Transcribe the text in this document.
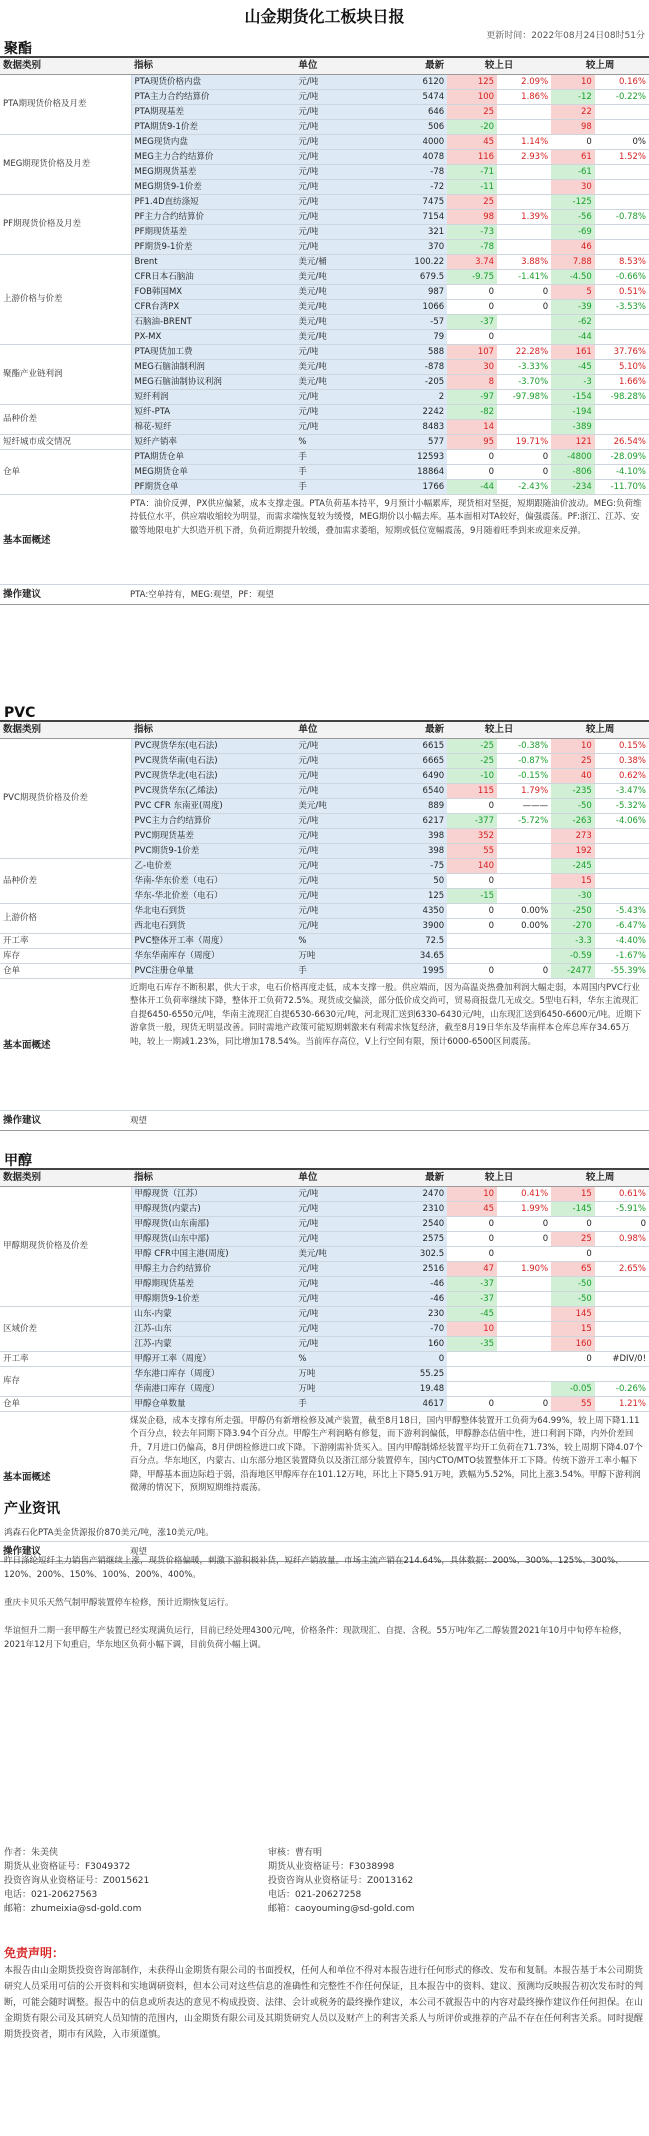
山金期货化工板块日报
更新时间：2022年08月24日08时51分
聚酯
数据类别	指标	单位	最新	较上日		较上周	
PTA期现货价格及月差	PTA现货价格内盘	元/吨	6120	125	2.09%	10	0.16%
	PTA主力合约结算价	元/吨	5474	100	1.86%	-12	-0.22%
	PTA期现基差	元/吨	646	25		22	
	PTA期货9-1价差	元/吨	506	-20		98	
MEG期现货价格及月差	MEG现货内盘	元/吨	4000	45	1.14%	0	0%
	MEG主力合约结算价	元/吨	4078	116	2.93%	61	1.52%
	MEG期现货基差	元/吨	-78	-71		-61	
	MEG期货9-1价差	元/吨	-72	-11		30	
PF期现货价格及月差	PF1.4D直纺涤短	元/吨	7475	25		-125	
	PF主力合约结算价	元/吨	7154	98	1.39%	-56	-0.78%
	PF期现货基差	元/吨	321	-73		-69	
	PF期货9-1价差	元/吨	370	-78		46	
上游价格与价差	Brent	美元/桶	100.22	3.74	3.88%	7.88	8.53%
	CFR日本石脑油	美元/吨	679.5	-9.75	-1.41%	-4.50	-0.66%
	FOB韩国MX	美元/吨	987	0	0	5	0.51%
	CFR台湾PX	美元/吨	1066	0	0	-39	-3.53%
	石脑油-BRENT	美元/吨	-57	-37		-62	
	PX-MX	美元/吨	79	0		-44	
聚酯产业链利润	PTA现货加工费	元/吨	588	107	22.28%	161	37.76%
	MEG石脑油制利润	美元/吨	-878	30	-3.33%	-45	5.10%
	MEG石脑油制协议利润	美元/吨	-205	8	-3.70%	-3	1.66%
	短纤利润	元/吨	2	-97	-97.98%	-154	-98.28%
品种价差	短纤-PTA	元/吨	2242	-82		-194	
	棉花-短纤	元/吨	8483	14		-389	
短纤城市成交情况	短纤产销率	%	577	95	19.71%	121	26.54%
仓单	PTA期货仓单	手	12593	0	0	-4800	-28.09%
	MEG期货仓单	手	18864	0	0	-806	-4.10%
	PF期货仓单	手	1766	-44	-2.43%	-234	-11.70%
基本面概述
PTA：油价反弹，PX供应偏紧，成本支撑走强。PTA负荷基本持平，9月预计小幅累库，现货相对坚挺，短期跟随油价波动。MEG:负荷维持低位水平，供应端收缩较为明显，而需求端恢复较为缓慢，MEG期价以小幅去库。基本面相对TA较好，偏强震荡。PF:浙江、江苏、安徽等地限电扩大织造开机下滑，负荷近期提升较缓，叠加需求萎缩，短期或低位宽幅震荡，9月随着旺季到来或迎来反弹。
操作建议	PTA:空单持有，MEG:观望，PF：观望
PVC
数据类别	指标	单位	最新	较上日		较上周	
PVC期现货价格及价差	PVC现货华东(电石法)	元/吨	6615	-25	-0.38%	10	0.15%
	PVC现货华南(电石法)	元/吨	6665	-25	-0.87%	25	0.38%
	PVC现货华北(电石法)	元/吨	6490	-10	-0.15%	40	0.62%
	PVC现货华东(乙烯法)	元/吨	6540	115	1.79%	-235	-3.47%
	PVC CFR 东南亚(周度)	美元/吨	889	0	———	-50	-5.32%
	PVC主力合约结算价	元/吨	6217	-377	-5.72%	-263	-4.06%
	PVC期现货基差	元/吨	398	352		273	
	PVC期货9-1价差	元/吨	398	55		192	
品种价差	乙-电价差	元/吨	-75	140		-245	
	华南-华东价差（电石）	元/吨	50	0		15	
	华东-华北价差（电石）	元/吨	125	-15		-30	
上游价格	华北电石到货	元/吨	4350	0	0.00%	-250	-5.43%
	西北电石到货	元/吨	3900	0	0.00%	-270	-6.47%
开工率	PVC整体开工率（周度）	%	72.5			-3.3	-4.40%
库存	华东华南库存（周度）	万吨	34.65			-0.59	-1.67%
仓单	PVC注册仓单量	手	1995	0	0	-2477	-55.39%
基本面概述
近期电石库存不断积累，供大于求，电石价格再度走低，成本支撑一般。供应端而，因为高温炎热叠加利润大幅走弱，本周国内PVC行业整体开工负荷率继续下降，整体开工负荷72.5%。现货成交偏淡，部分低价成交尚可，贸易商报盘几无成交。5型电石料，华东主流现汇自提6450-6550元/吨，华南主流现汇自提6530-6630元/吨，河北现汇送到6330-6430元/吨，山东现汇送到6450-6600元/吨。近期下游拿货一般，现货无明显改善。同时需地产政策可能短期刺激来有利需求恢复经济，截至8月19日华东及华南样本仓库总库存34.65万吨，较上一期减1.23%，同比增加178.54%。当前库存高位，V上行空间有限，预计6000-6500区间震荡。
操作建议	观望
甲醇
数据类别	指标	单位	最新	较上日		较上周	
甲醇期现货价格及价差	甲醇现货（江苏）	元/吨	2470	10	0.41%	15	0.61%
	甲醇现货(内蒙古)	元/吨	2310	45	1.99%	-145	-5.91%
	甲醇现货(山东南部)	元/吨	2540	0	0	0	0
	甲醇现货(山东中部)	元/吨	2575	0	0	25	0.98%
	甲醇 CFR中国主港(周度)	美元/吨	302.5	0		0	
	甲醇主力合约结算价	元/吨	2516	47	1.90%	65	2.65%
	甲醇期现货基差	元/吨	-46	-37		-50	
	甲醇期货9-1价差	元/吨	-46	-37		-50	
区域价差	山东-内蒙	元/吨	230	-45		145	
	江苏-山东	元/吨	-70	10		15	
	江苏-内蒙	元/吨	160	-35		160	
开工率	甲醇开工率（周度）	%	0			0	#DIV/0!
库存	华东港口库存（周度）	万吨	55.25				
	华南港口库存（周度）	万吨	19.48			-0.05	-0.26%
仓单	甲醇仓单数量	手	4617	0	0	55	1.21%
基本面概述
煤炭企稳，成本支撑有所走强。甲醇仍有新增检修及减产装置，截至8月18日，国内甲醇整体装置开工负荷为64.99%，较上周下降1.11个百分点，较去年同期下降3.94个百分点。甲醇生产利润略有修复，而下游利润偏低，甲醇静态估值中性，进口利润下降，内外价差回升，7月进口仍偏高，8月伊朗检修进口或下降。下游刚需补货买入。国内甲醇制烯烃装置平均开工负荷在71.73%，较上周期下降4.07个百分点。华东地区，内蒙古、山东部分地区装置降负以及浙江部分装置停车，国内CTO/MTO装置整体开工下降。传统下游开工率小幅下降，甲醇基本面边际趋于弱，沿海地区甲醇库存在101.12万吨，环比上下降5.91万吨，跌幅为5.52%，同比上涨3.54%。甲醇下游利润微薄的情况下，预期短期维持震荡。
操作建议	观望
产业资讯

鸿森石化PTA美金货源报价870美元/吨，涨10美元/吨。

昨日涤纶短纤主力销售产销继续上涨，现货价格偏暖，刺激下游积极补货，短纤产销放量。市场主流产销在214.64%，具体数据：200%、300%、125%、300%、120%、200%、150%、100%、200%、400%。

重庆卡贝乐天然气制甲醇装置停车检修，预计近期恢复运行。

华谊恒升二期一套甲醇生产装置已经实现满负运行，目前已经处理4300元/吨，价格条件：现款现汇、自提、含税。55万吨/年乙二醇装置2021年10月中旬停车检修，2021年12月下旬重启，华东地区负荷小幅下调，目前负荷小幅上调。

作者：朱美侠
期货从业资格证号：F3049372
投资咨询从业资格证号：Z0015621
电话：021-20627563
邮箱：zhumeixia@sd-gold.com
审核：曹有明
期货从业资格证号：F3038998
投资咨询从业资格证号：Z0013162
电话：021-20627258
邮箱：caoyouming@sd-gold.com
免责声明：
本报告由山金期货投资咨询部制作，未获得山金期货有限公司的书面授权，任何人和单位不得对本报告进行任何形式的修改、发布和复制。本报告基于本公司期货研究人员采用可信的公开资料和实地调研资料，但本公司对这些信息的准确性和完整性不作任何保证，且本报告中的资料、建议、预测均反映报告初次发布时的判断，可能会随时调整。报告中的信息或所表达的意见不构成投资、法律、会计或税务的最终操作建议，本公司不就报告中的内容对最终操作建议作任何担保。在山金期货有限公司及其研究人员知情的范围内，山金期货有限公司及其期货研究人员以及财产上的利害关系人与所评价或推荐的产品不存在任何利害关系。同时提醒期货投资者，期市有风险，入市须谨慎。
